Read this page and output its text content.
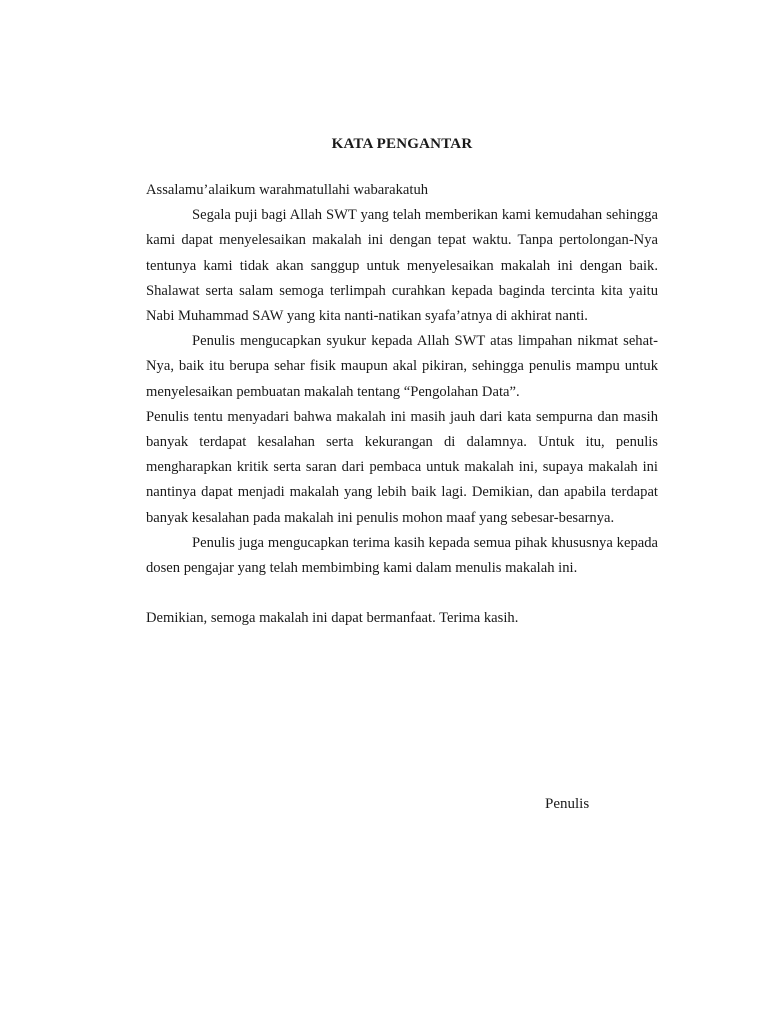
KATA PENGANTAR

Assalamu’alaikum warahmatullahi wabarakatuh

Segala puji bagi Allah SWT yang telah memberikan kami kemudahan sehingga kami dapat menyelesaikan makalah ini dengan tepat waktu. Tanpa pertolongan-Nya tentunya kami tidak akan sanggup untuk menyelesaikan makalah ini dengan baik. Shalawat serta salam semoga terlimpah curahkan kepada baginda tercinta kita yaitu Nabi Muhammad SAW yang kita nanti-natikan syafa’atnya di akhirat nanti.

Penulis mengucapkan syukur kepada Allah SWT atas limpahan nikmat sehat-Nya, baik itu berupa sehar fisik maupun akal pikiran, sehingga penulis mampu untuk menyelesaikan pembuatan makalah tentang “Pengolahan Data”.

Penulis tentu menyadari bahwa makalah ini masih jauh dari kata sempurna dan masih banyak terdapat kesalahan serta kekurangan di dalamnya. Untuk itu, penulis mengharapkan kritik serta saran dari pembaca untuk makalah ini, supaya makalah ini nantinya dapat menjadi makalah yang lebih baik lagi. Demikian, dan apabila terdapat banyak kesalahan pada makalah ini penulis mohon maaf yang sebesar-besarnya.

Penulis juga mengucapkan terima kasih kepada semua pihak khususnya kepada dosen pengajar yang telah membimbing kami dalam menulis makalah ini.

Demikian, semoga makalah ini dapat bermanfaat. Terima kasih.

Penulis
